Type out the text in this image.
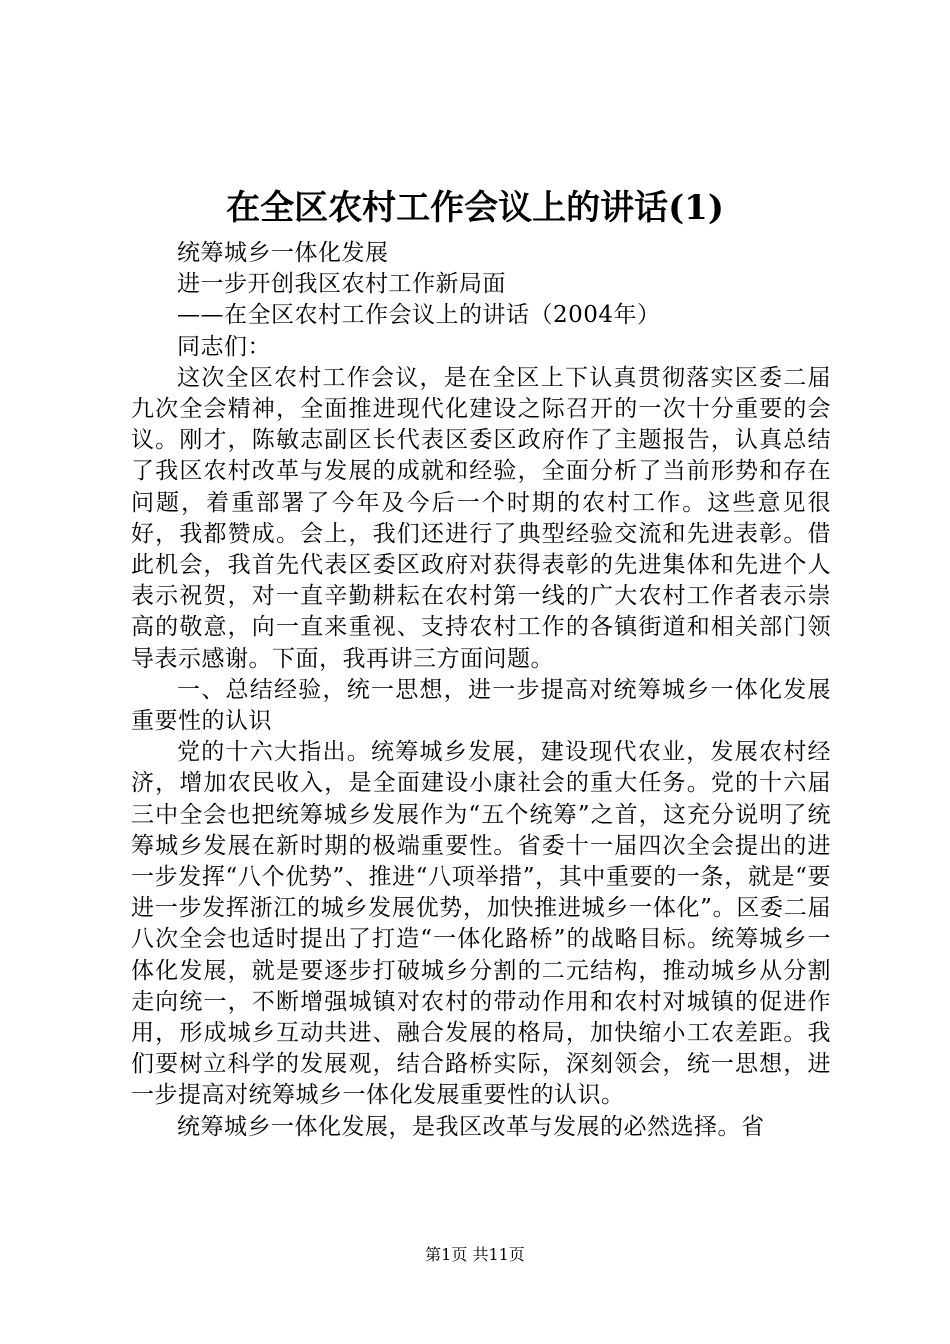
在全区农村工作会议上的讲话(1)

统筹城乡一体化发展

进一步开创我区农村工作新局面

——在全区农村工作会议上的讲话（2004年）

同志们：

这次全区农村工作会议，是在全区上下认真贯彻落实区委二届九次全会精神，全面推进现代化建设之际召开的一次十分重要的会议。刚才，陈敏志副区长代表区委区政府作了主题报告，认真总结了我区农村改革与发展的成就和经验，全面分析了当前形势和存在问题，着重部署了今年及今后一个时期的农村工作。这些意见很好，我都赞成。会上，我们还进行了典型经验交流和先进表彰。借此机会，我首先代表区委区政府对获得表彰的先进集体和先进个人表示祝贺，对一直辛勤耕耘在农村第一线的广大农村工作者表示崇高的敬意，向一直来重视、支持农村工作的各镇街道和相关部门领导表示感谢。下面，我再讲三方面问题。

一、总结经验，统一思想，进一步提高对统筹城乡一体化发展重要性的认识

党的十六大指出。统筹城乡发展，建设现代农业，发展农村经济，增加农民收入，是全面建设小康社会的重大任务。党的十六届三中全会也把统筹城乡发展作为“五个统筹”之首，这充分说明了统筹城乡发展在新时期的极端重要性。省委十一届四次全会提出的进一步发挥“八个优势”、推进“八项举措”，其中重要的一条，就是“要进一步发挥浙江的城乡发展优势，加快推进城乡一体化”。区委二届八次全会也适时提出了打造“一体化路桥”的战略目标。统筹城乡一体化发展，就是要逐步打破城乡分割的二元结构，推动城乡从分割走向统一，不断增强城镇对农村的带动作用和农村对城镇的促进作用，形成城乡互动共进、融合发展的格局，加快缩小工农差距。我们要树立科学的发展观，结合路桥实际，深刻领会，统一思想，进一步提高对统筹城乡一体化发展重要性的认识。

统筹城乡一体化发展，是我区改革与发展的必然选择。省

第1页 共11页
